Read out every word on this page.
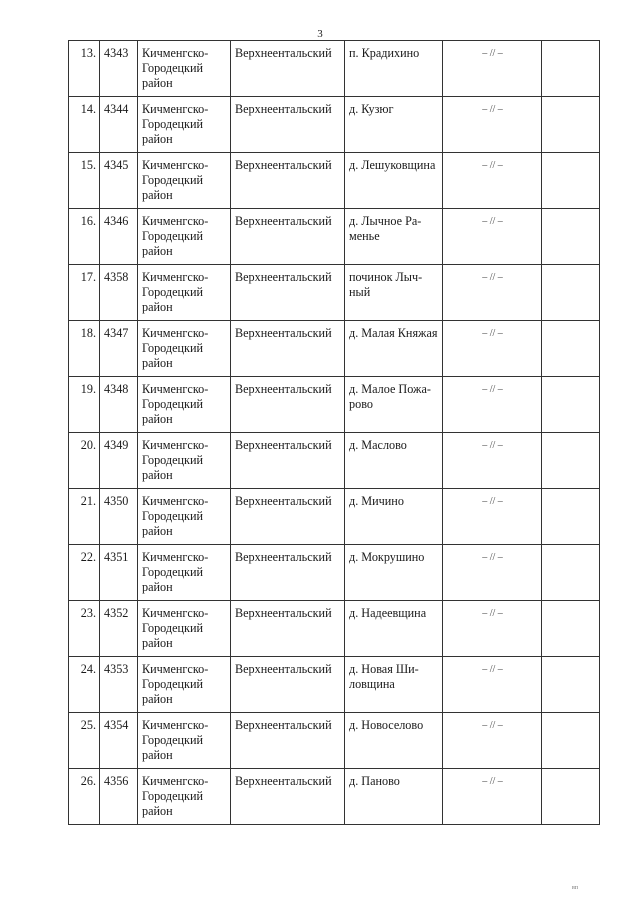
3
13.	4343	Кичменгско-Городецкий район	Верхнеентальский	п. Крадихино	– // –	
14.	4344	Кичменгско-Городецкий район	Верхнеентальский	д. Кузюг	– // –	
15.	4345	Кичменгско-Городецкий район	Верхнеентальский	д. Лешуковщина	– // –	
16.	4346	Кичменгско-Городецкий район	Верхнеентальский	д. Лычное Раменье	– // –	
17.	4358	Кичменгско-Городецкий район	Верхнеентальский	починок Лычный	– // –	
18.	4347	Кичменгско-Городецкий район	Верхнеентальский	д. Малая Княжая	– // –	
19.	4348	Кичменгско-Городецкий район	Верхнеентальский	д. Малое Пожарово	– // –	
20.	4349	Кичменгско-Городецкий район	Верхнеентальский	д. Маслово	– // –	
21.	4350	Кичменгско-Городецкий район	Верхнеентальский	д. Мичино	– // –	
22.	4351	Кичменгско-Городецкий район	Верхнеентальский	д. Мокрушино	– // –	
23.	4352	Кичменгско-Городецкий район	Верхнеентальский	д. Надеевщина	– // –	
24.	4353	Кичменгско-Городецкий район	Верхнеентальский	д. Новая Шиловщина	– // –	
25.	4354	Кичменгско-Городецкий район	Верхнеентальский	д. Новоселово	– // –	
26.	4356	Кичменгско-Городецкий район	Верхнеентальский	д. Паново	– // –	
вп
